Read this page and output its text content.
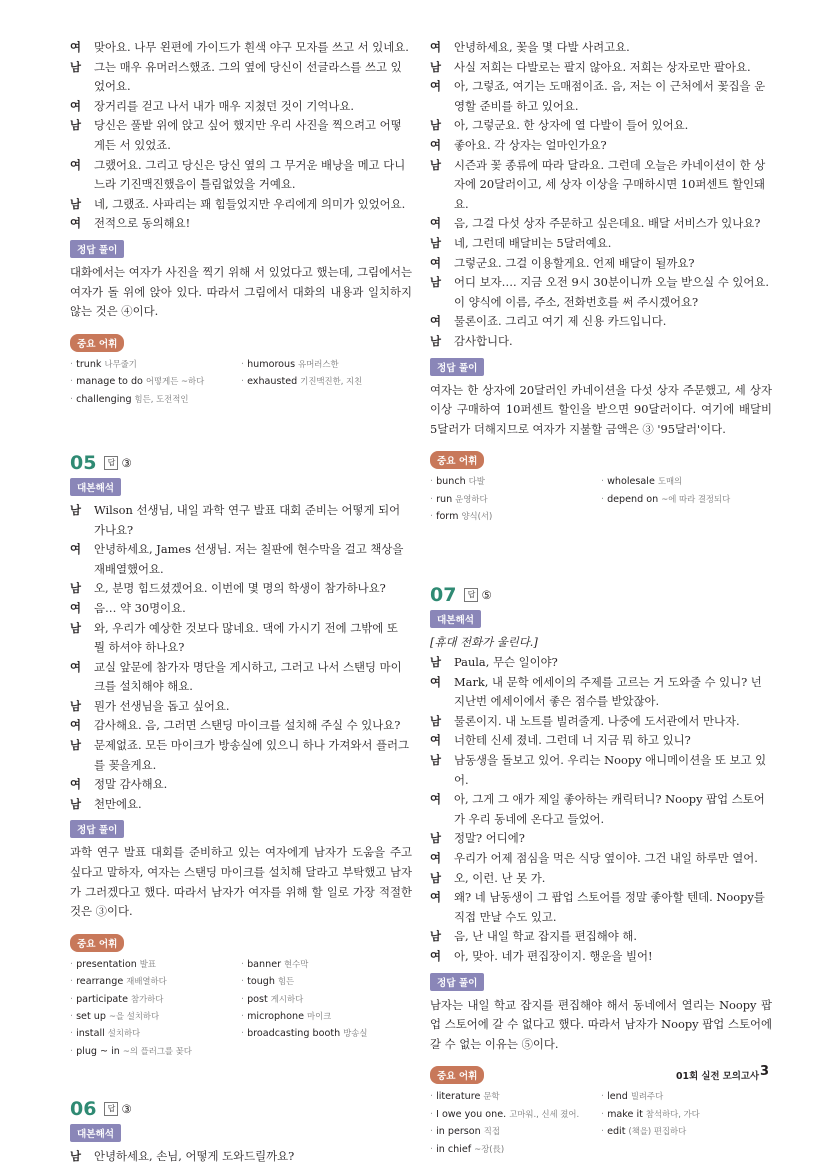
여	맞아요. 나무 왼편에 가이드가 흰색 야구 모자를 쓰고 서 있네요.
남	그는 매우 유머러스했죠. 그의 옆에 당신이 선글라스를 쓰고 있었어요.
여	장거리를 걷고 나서 내가 매우 지쳤던 것이 기억나요.
남	당신은 풀밭 위에 앉고 싶어 했지만 우리 사진을 찍으려고 어떻게든 서 있었죠.
여	그랬어요. 그리고 당신은 당신 옆의 그 무거운 배낭을 메고 다니느라 기진맥진했음이 틀림없었을 거예요.
남	네, 그랬죠. 사파리는 꽤 힘들었지만 우리에게 의미가 있었어요.
여	전적으로 동의해요!
정답 풀이
대화에서는 여자가 사진을 찍기 위해 서 있었다고 했는데, 그림에서는 여자가 돌 위에 앉아 있다. 따라서 그림에서 대화의 내용과 일치하지 않는 것은 ④이다.
중요 어휘
· trunk 나무줄기	· humorous 유머러스한
· manage to do 어떻게든 ~하다	· exhausted 기진맥진한, 지친
· challenging 힘든, 도전적인
05	답 ③
대본해석
남	Wilson 선생님, 내일 과학 연구 발표 대회 준비는 어떻게 되어 가나요?
여	안녕하세요, James 선생님. 저는 칠판에 현수막을 걸고 책상을 재배열했어요.
남	오, 분명 힘드셨겠어요. 이번에 몇 명의 학생이 참가하나요?
여	음… 약 30명이요.
남	와, 우리가 예상한 것보다 많네요. 댁에 가시기 전에 그밖에 또 뭘 하셔야 하나요?
여	교실 앞문에 참가자 명단을 게시하고, 그러고 나서 스탠딩 마이크를 설치해야 해요.
남	뭔가 선생님을 돕고 싶어요.
여	감사해요. 음, 그러면 스탠딩 마이크를 설치해 주실 수 있나요?
남	문제없죠. 모든 마이크가 방송실에 있으니 하나 가져와서 플러그를 꽂을게요.
여	정말 감사해요.
남	천만에요.
정답 풀이
과학 연구 발표 대회를 준비하고 있는 여자에게 남자가 도움을 주고 싶다고 말하자, 여자는 스탠딩 마이크를 설치해 달라고 부탁했고 남자가 그러겠다고 했다. 따라서 남자가 여자를 위해 할 일로 가장 적절한 것은 ③이다.
중요 어휘
· presentation 발표	· banner 현수막
· rearrange 재배열하다	· tough 힘든
· participate 참가하다	· post 게시하다
· set up ~을 설치하다	· microphone 마이크
· install 설치하다	· broadcasting booth 방송실
· plug ~ in ~의 플러그를 꽂다
06	답 ③
대본해석
남	안녕하세요, 손님, 어떻게 도와드릴까요?
여	안녕하세요, 꽃을 몇 다발 사려고요.
남	사실 저희는 다발로는 팔지 않아요. 저희는 상자로만 팔아요.
여	아, 그렇죠, 여기는 도매점이죠. 음, 저는 이 근처에서 꽃집을 운영할 준비를 하고 있어요.
남	아, 그렇군요. 한 상자에 열 다발이 들어 있어요.
여	좋아요. 각 상자는 얼마인가요?
남	시즌과 꽃 종류에 따라 달라요. 그런데 오늘은 카네이션이 한 상자에 20달러이고, 세 상자 이상을 구매하시면 10퍼센트 할인돼요.
여	음, 그걸 다섯 상자 주문하고 싶은데요. 배달 서비스가 있나요?
남	네, 그런데 배달비는 5달러예요.
여	그렇군요. 그걸 이용할게요. 언제 배달이 될까요?
남	어디 보자…. 지금 오전 9시 30분이니까 오늘 받으실 수 있어요. 이 양식에 이름, 주소, 전화번호를 써 주시겠어요?
여	물론이죠. 그리고 여기 제 신용 카드입니다.
남	감사합니다.
정답 풀이
여자는 한 상자에 20달러인 카네이션을 다섯 상자 주문했고, 세 상자 이상 구매하여 10퍼센트 할인을 받으면 90달러이다. 여기에 배달비 5달러가 더해지므로 여자가 지불할 금액은 ③ '95달러'이다.
중요 어휘
· bunch 다발	· wholesale 도매의
· run 운영하다	· depend on ~에 따라 결정되다
· form 양식(서)
07	답 ⑤
대본해석
[휴대 전화가 울린다.]
남	Paula, 무슨 일이야?
여	Mark, 내 문학 에세이의 주제를 고르는 거 도와줄 수 있니? 넌 지난번 에세이에서 좋은 점수를 받았잖아.
남	물론이지. 내 노트를 빌려줄게. 나중에 도서관에서 만나자.
여	너한테 신세 졌네. 그런데 너 지금 뭐 하고 있니?
남	남동생을 돌보고 있어. 우리는 Noopy 애니메이션을 또 보고 있어.
여	아, 그게 그 애가 제일 좋아하는 캐릭터니? Noopy 팝업 스토어가 우리 동네에 온다고 들었어.
남	정말? 어디에?
여	우리가 어제 점심을 먹은 식당 옆이야. 그건 내일 하루만 열어.
남	오, 이런. 난 못 가.
여	왜? 네 남동생이 그 팝업 스토어를 정말 좋아할 텐데. Noopy를 직접 만날 수도 있고.
남	음, 난 내일 학교 잡지를 편집해야 해.
여	아, 맞아. 네가 편집장이지. 행운을 빌어!
정답 풀이
남자는 내일 학교 잡지를 편집해야 해서 동네에서 열리는 Noopy 팝업 스토어에 갈 수 없다고 했다. 따라서 남자가 Noopy 팝업 스토어에 갈 수 없는 이유는 ⑤이다.
중요 어휘
· literature 문학	· lend 빌려주다
· I owe you one. 고마워., 신세 졌어.	· make it 참석하다, 가다
· in person 직접	· edit (책을) 편집하다
· in chief ~장(長)
01회 실전 모의고사 3
